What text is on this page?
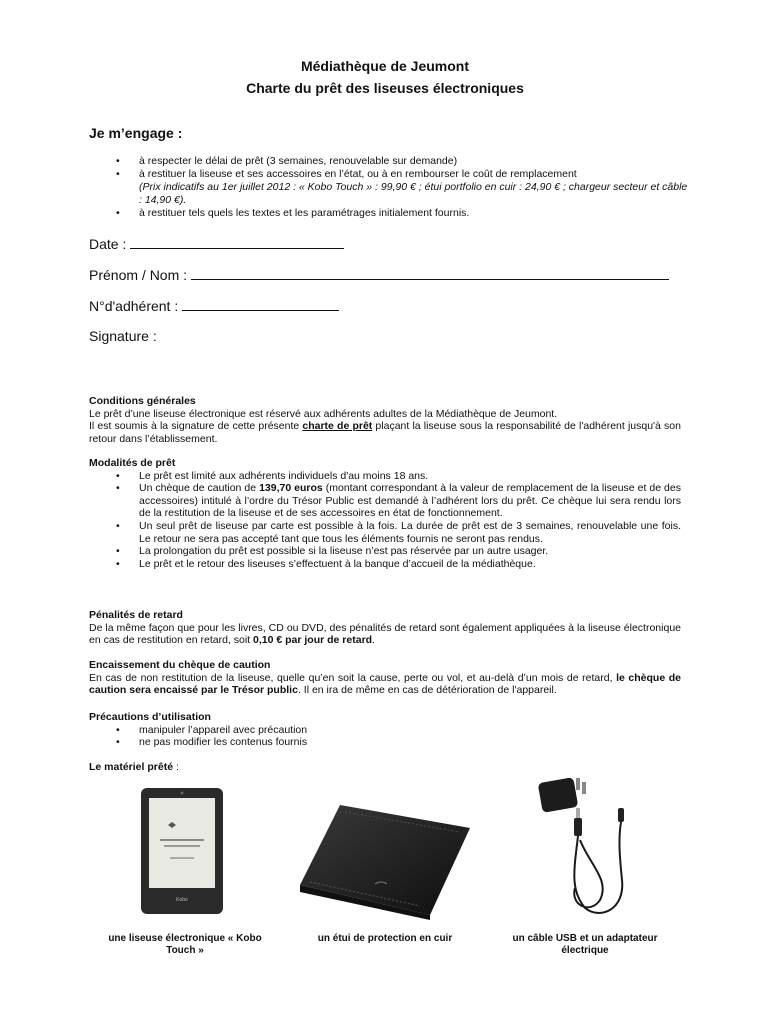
Médiathèque de Jeumont
Charte du prêt des liseuses électroniques
Je m’engage :
• à respecter le délai de prêt (3 semaines, renouvelable sur demande)
• à restituer la liseuse et ses accessoires en l’état, ou à en rembourser le coût de remplacement
(Prix indicatifs au 1er juillet 2012 : « Kobo Touch » : 99,90 € ; étui portfolio en cuir : 24,90 € ; chargeur secteur et câble : 14,90 €).
• à restituer tels quels les textes et les paramétrages initialement fournis.
Date :
Prénom / Nom :
N°d'adhérent :
Signature :
Conditions générales

Le prêt d’une liseuse électronique est réservé aux adhérents adultes de la Médiathèque de Jeumont.

Il est soumis à la signature de cette présente charte de prêt plaçant la liseuse sous la responsabilité de l'adhérent jusqu'à son retour dans l’établissement.

Modalités de prêt
• Le prêt est limité aux adhérents individuels d'au moins 18 ans.
• Un chèque de caution de 139,70 euros (montant correspondant à la valeur de remplacement de la liseuse et de des accessoires) intitulé à l’ordre du Trésor Public est demandé à l’adhérent lors du prêt. Ce chèque lui sera rendu lors de la restitution de la liseuse et de ses accessoires en état de fonctionnement.
• Un seul prêt de liseuse par carte est possible à la fois. La durée de prêt est de 3 semaines, renouvelable une fois. Le retour ne sera pas accepté tant que tous les éléments fournis ne seront pas rendus.
• La prolongation du prêt est possible si la liseuse n’est pas réservée par un autre usager.
• Le prêt et le retour des liseuses s’effectuent à la banque d’accueil de la médiathèque.
Pénalités de retard

De la même façon que pour les livres, CD ou DVD, des pénalités de retard sont également appliquées à la liseuse électronique en cas de restitution en retard, soit 0,10 € par jour de retard.

Encaissement du chèque de caution

En cas de non restitution de la liseuse, quelle qu’en soit la cause, perte ou vol, et au-delà d’un mois de retard, le chèque de caution sera encaissé par le Trésor public. Il en ira de même en cas de détérioration de l'appareil.

Précautions d’utilisation
• manipuler l’appareil avec précaution
• ne pas modifier les contenus fournis
Le matériel prêté :
Kobo
une liseuse électronique « Kobo Touch »
un étui de protection en cuir	un câble USB et un adaptateur électrique
